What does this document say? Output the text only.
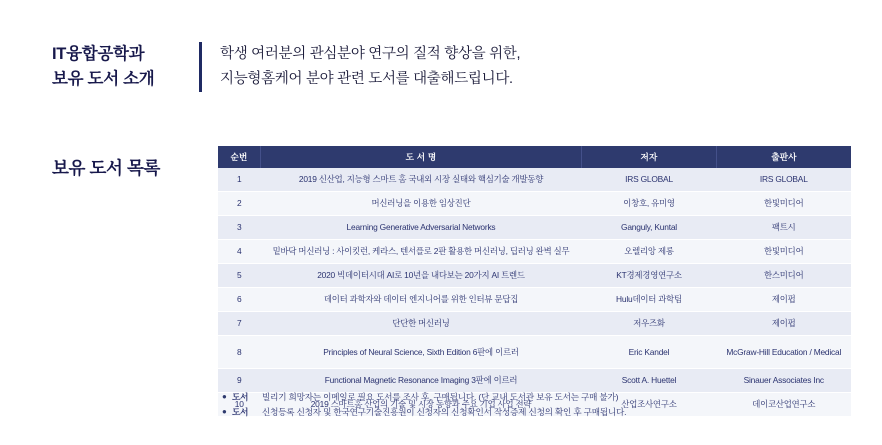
IT융합공학과
보유 도서 소개
학생 여러분의 관심분야 연구의 질적 향상을 위한,
지능형홈케어 분야 관련 도서를 대출해드립니다.
보유 도서 목록
순번	도 서 명	저자	출판사
1	2019 신산업, 지능형 스마트 홈 국내외 시장 실태와 핵심기술 개발동향	IRS GLOBAL	IRS GLOBAL
2	머신러닝을 이용한 임상진단	이창호, 유미영	한빛미디어
3	Learning Generative Adversarial Networks	Ganguly, Kuntal	팩트시
4	밑바닥 머신러닝 : 사이킷런, 케라스, 텐서플로 2판 활용한 머신러닝, 딥러닝 완벽 실무	오렐리앙 제롱	한빛미디어
5	2020 빅데이터시대 AI로 10년을 내다보는 20가지 AI 트렌드	KT경제경영연구소	한스미디어
6	데이터 과학자와 데이터 엔지니어를 위한 인터뷰 문답집	Hulu데이터 과학팀	제이펍
7	단단한 머신러닝	저우즈화	제이펍
8	Principles of Neural Science, Sixth Edition 6판에 이르러	Eric Kandel	McGraw-Hill Education / Medical
9	Functional Magnetic Resonance Imaging 3판에 이르러	Scott A. Huettel	Sinauer Associates Inc
10	2019 스마트홈 산업의 기술 및 시장 동향과 주요 기업 사업 전략	산업조사연구소	데이코산업연구소
● 도서	빌리기 희망자는 이메일로 필요 도서를 조사 후, 구매됩니다. (단 교내 도서관 보유 도서는 구매 불가)
● 도서	신청등록 신청자 및 한국연구기술진흥원이 신청자의 신청확인서 작성증제 신청의 확인 후 구매됩니다.
